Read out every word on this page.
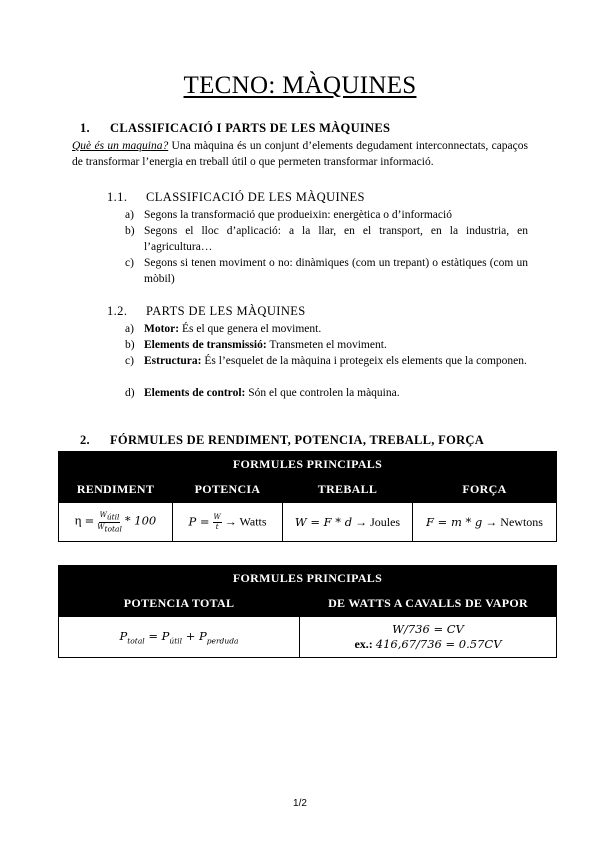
TECNO: MÀQUINES
1. CLASSIFICACIÓ I PARTS DE LES MÀQUINES
Què és un maquina? Una màquina és un conjunt d’elements degudament interconnectats, capaços de transformar l’energia en treball útil o que permeten transformar informació.
1.1. CLASSIFICACIÓ DE LES MÀQUINES
a) Segons la transformació que produeixin: energètica o d’informació
b) Segons el lloc d’aplicació: a la llar, en el transport, en la industria, en l’agricultura…
c) Segons si tenen moviment o no: dinàmiques (com un trepant) o estàtiques (com un mòbil)
1.2. PARTS DE LES MÀQUINES
a) Motor: És el que genera el moviment.
b) Elements de transmissió: Transmeten el moviment.
c) Estructura: És l’esquelet de la màquina i protegeix els elements que la componen.
d) Elements de control: Són el que controlen la màquina.
2. FÓRMULES DE RENDIMENT, POTENCIA, TREBALL, FORÇA
FORMULES PRINCIPALS			
RENDIMENT	POTENCIA	TREBALL	FORÇA
$\eta = \frac{W_{útil}}{W_{total}} * 100$	$P = \frac{W}{t}$ → Watts	W = F * d → Joules	F = m * g → Newtons
FORMULES PRINCIPALS	
POTENCIA TOTAL	DE WATTS A CAVALLS DE VAPOR
$P_{total} = P_{útil} + P_{perduda}$	W/736 = CV
ex.: 416,67/736 = 0.57CV
1/2
